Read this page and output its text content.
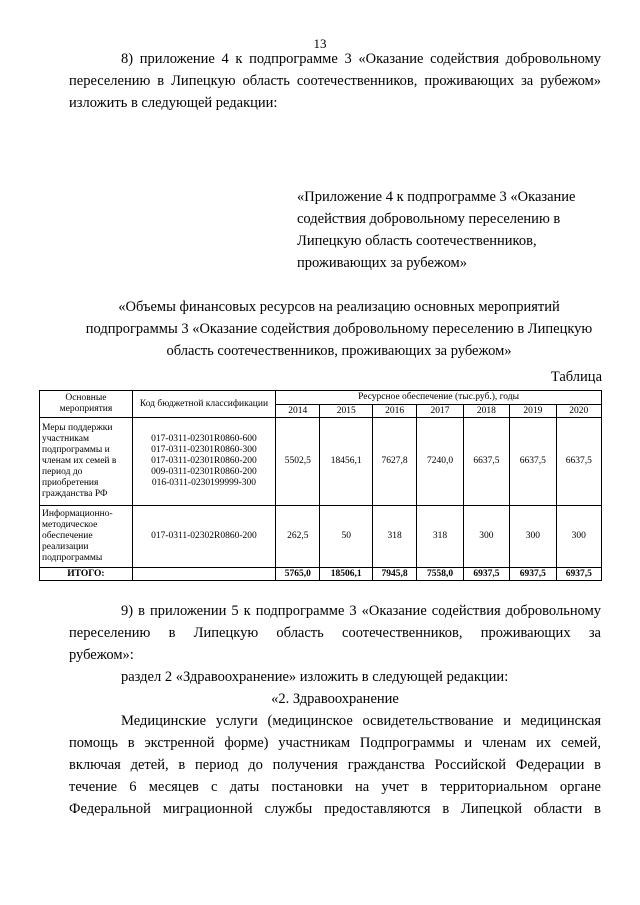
13
8) приложение 4 к подпрограмме 3 «Оказание содействия добровольному
переселению в Липецкую область соотечественников, проживающих за рубежом»
изложить в следующей редакции:
«Приложение 4 к подпрограмме 3 «Оказание
содействия добровольному переселению в
Липецкую область соотечественников,
проживающих за рубежом»
«Объемы финансовых ресурсов на реализацию основных мероприятий
подпрограммы 3 «Оказание содействия добровольному переселению в Липецкую
область соотечественников, проживающих за рубежом»
Таблица
Основные мероприятия	Код бюджетной классификации	Ресурсное обеспечение (тыс.руб.), годы						
		2014	2015	2016	2017	2018	2019	2020
Меры поддержки участникам подпрограммы и членам их семей в период до приобретения гражданства РФ	017-0311-02301R0860-600
017-0311-02301R0860-300
017-0311-02301R0860-200
009-0311-02301R0860-200
016-0311-0230199999-300	5502,5	18456,1	7627,8	7240,0	6637,5	6637,5	6637,5
Информационно-методическое обеспечение реализации подпрограммы	017-0311-02302R0860-200	262,5	50	318	318	300	300	300
ИТОГО:		5765,0	18506,1	7945,8	7558,0	6937,5	6937,5	6937,5
9) в приложении 5 к подпрограмме 3 «Оказание содействия добровольному
переселению в Липецкую область соотечественников, проживающих за
рубежом»:
раздел 2 «Здравоохранение» изложить в следующей редакции:
«2. Здравоохранение
Медицинские услуги (медицинское освидетельствование и медицинская
помощь в экстренной форме) участникам Подпрограммы и членам их семей,
включая детей, в период до получения гражданства Российской Федерации в
течение 6 месяцев с даты постановки на учет в территориальном органе
Федеральной миграционной службы предоставляются в Липецкой области в
